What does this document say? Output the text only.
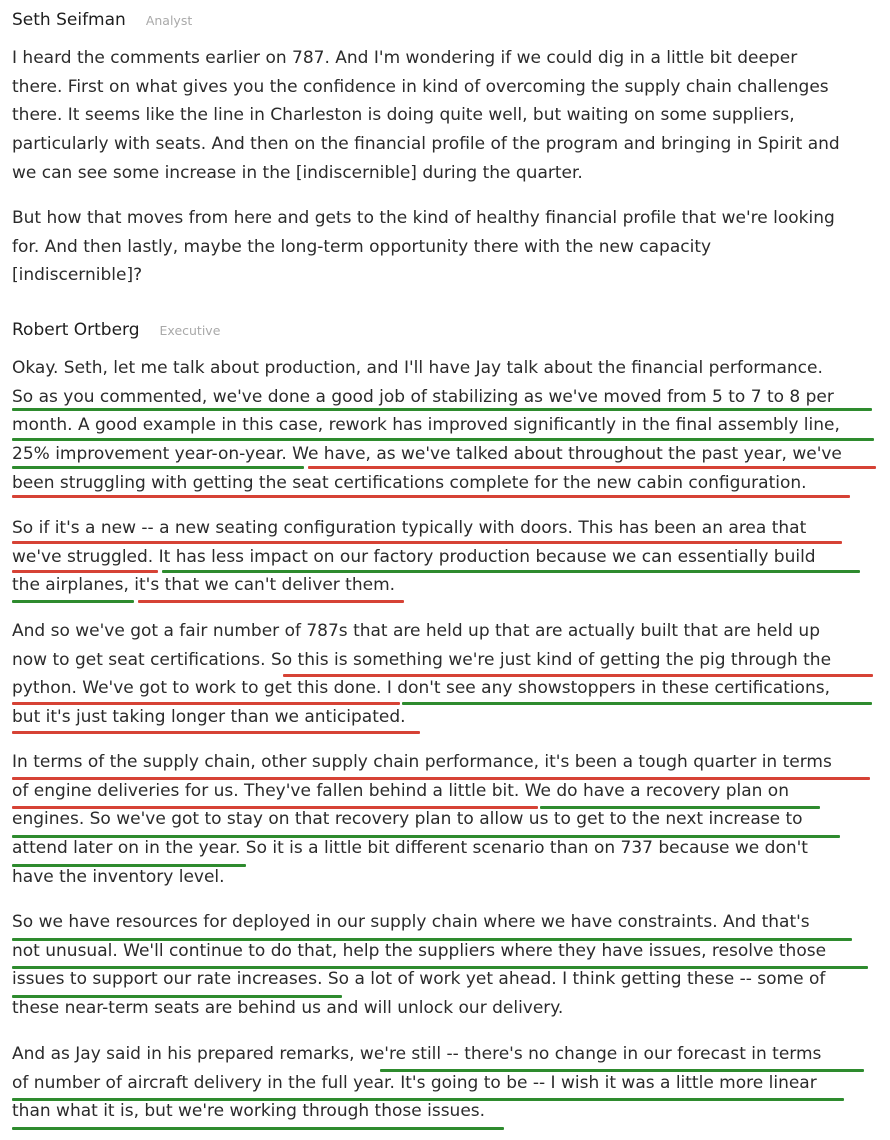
Seth Seifman Analyst
I heard the comments earlier on 787. And I'm wondering if we could dig in a little bit deeper
there. First on what gives you the confidence in kind of overcoming the supply chain challenges
there. It seems like the line in Charleston is doing quite well, but waiting on some suppliers,
particularly with seats. And then on the financial profile of the program and bringing in Spirit and
we can see some increase in the [indiscernible] during the quarter.
But how that moves from here and gets to the kind of healthy financial profile that we're looking
for. And then lastly, maybe the long-term opportunity there with the new capacity
[indiscernible]?
Robert Ortberg Executive
Okay. Seth, let me talk about production, and I'll have Jay talk about the financial performance.
So as you commented, we've done a good job of stabilizing as we've moved from 5 to 7 to 8 per
month. A good example in this case, rework has improved significantly in the final assembly line,
25% improvement year-on-year. We have, as we've talked about throughout the past year, we've
been struggling with getting the seat certifications complete for the new cabin configuration.
So if it's a new -- a new seating configuration typically with doors. This has been an area that
we've struggled. It has less impact on our factory production because we can essentially build
the airplanes, it's that we can't deliver them.
And so we've got a fair number of 787s that are held up that are actually built that are held up
now to get seat certifications. So this is something we're just kind of getting the pig through the
python. We've got to work to get this done. I don't see any showstoppers in these certifications,
but it's just taking longer than we anticipated.
In terms of the supply chain, other supply chain performance, it's been a tough quarter in terms
of engine deliveries for us. They've fallen behind a little bit. We do have a recovery plan on
engines. So we've got to stay on that recovery plan to allow us to get to the next increase to
attend later on in the year. So it is a little bit different scenario than on 737 because we don't
have the inventory level.
So we have resources for deployed in our supply chain where we have constraints. And that's
not unusual. We'll continue to do that, help the suppliers where they have issues, resolve those
issues to support our rate increases. So a lot of work yet ahead. I think getting these -- some of
these near-term seats are behind us and will unlock our delivery.
And as Jay said in his prepared remarks, we're still -- there's no change in our forecast in terms
of number of aircraft delivery in the full year. It's going to be -- I wish it was a little more linear
than what it is, but we're working through those issues.
